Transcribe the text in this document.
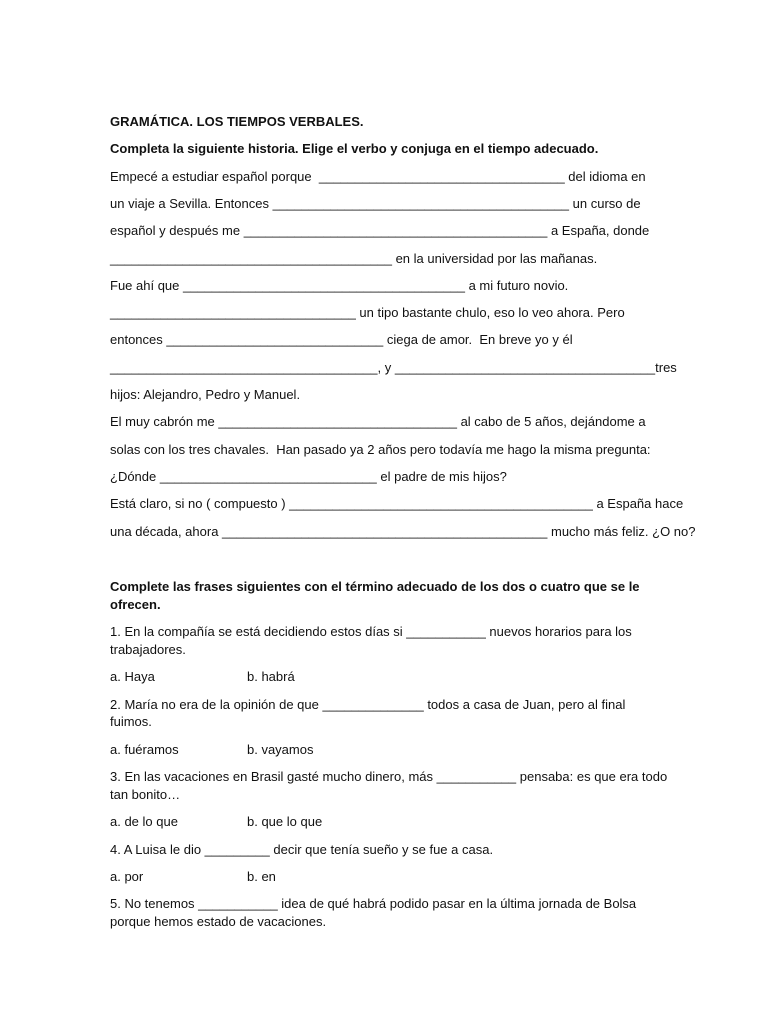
GRAMÁTICA. LOS TIEMPOS VERBALES.

Completa la siguiente historia. Elige el verbo y conjuga en el tiempo adecuado.

Empecé a estudiar español porque  __________________________________ del idioma en

un viaje a Sevilla. Entonces _________________________________________ un curso de

español y después me __________________________________________ a España, donde

_______________________________________ en la universidad por las mañanas.

Fue ahí que _______________________________________ a mi futuro novio.

__________________________________ un tipo bastante chulo, eso lo veo ahora. Pero

entonces ______________________________ ciega de amor.  En breve yo y él

_____________________________________, y ____________________________________tres

hijos: Alejandro, Pedro y Manuel.

El muy cabrón me _________________________________ al cabo de 5 años, dejándome a

solas con los tres chavales.  Han pasado ya 2 años pero todavía me hago la misma pregunta:

¿Dónde ______________________________ el padre de mis hijos?

Está claro, si no ( compuesto ) __________________________________________ a España hace

una década, ahora _____________________________________________ mucho más feliz. ¿O no?

Complete las frases siguientes con el término adecuado de los dos o cuatro que se le

ofrecen.

1. En la compañía se está decidiendo estos días si ___________ nuevos horarios para los

trabajadores.

a. Haya	b. habrá

2. María no era de la opinión de que ______________ todos a casa de Juan, pero al final

fuimos.

a. fuéramos	b. vayamos

3. En las vacaciones en Brasil gasté mucho dinero, más ___________ pensaba: es que era todo

tan bonito…

a. de lo que	b. que lo que

4. A Luisa le dio _________ decir que tenía sueño y se fue a casa.

a. por	b. en

5. No tenemos ___________ idea de qué habrá podido pasar en la última jornada de Bolsa

porque hemos estado de vacaciones.
